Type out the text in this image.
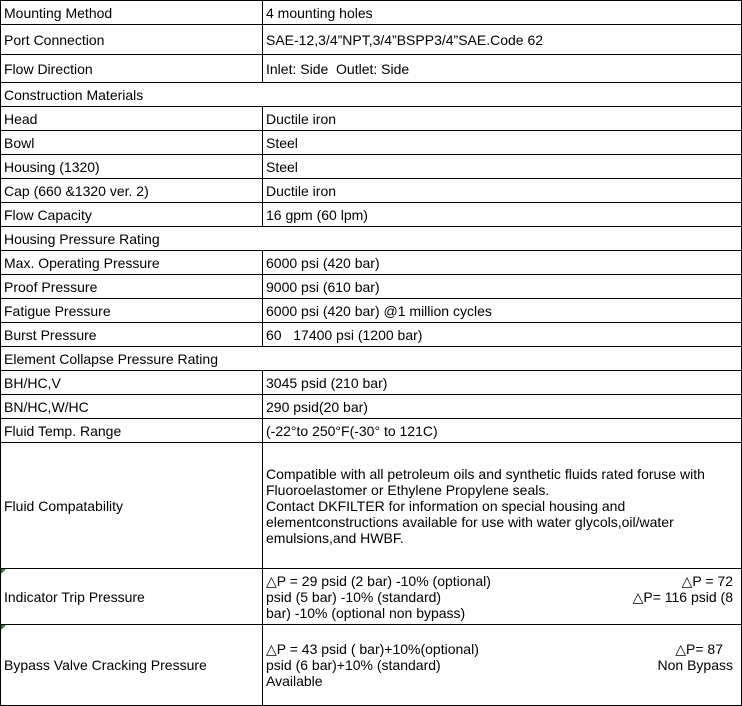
Mounting Method	4 mounting holes
Port Connection	SAE-12,3/4”NPT,3/4”BSPP3/4”SAE.Code 62
Flow Direction	Inlet: Side  Outlet: Side
Construction Materials	
Head	Ductile iron
Bowl	Steel
Housing (1320)	Steel
Cap (660 &1320 ver. 2)	Ductile iron
Flow Capacity	16 gpm (60 lpm)
Housing Pressure Rating	
Max. Operating Pressure	6000 psi (420 bar)
Proof Pressure	9000 psi (610 bar)
Fatigue Pressure	6000 psi (420 bar) @1 million cycles
Burst Pressure	60   17400 psi (1200 bar)
Element Collapse Pressure Rating	
BH/HC,V	3045 psid (210 bar)
BN/HC,W/HC	290 psid(20 bar)
Fluid Temp. Range	(-22°to 250°F(-30° to 121C)
Fluid Compatability	Compatible with all petroleum oils and synthetic fluids rated foruse with
Fluoroelastomer or Ethylene Propylene seals.
Contact DKFILTER for information on special housing and
elementconstructions available for use with water glycols,oil/water
emulsions,and HWBF.

Indicator Trip Pressure	△P = 29 psid (2 bar) -10% (optional) △P = 72
psid (5 bar) -10% (standard) △P= 116 psid (8
bar) -10% (optional non bypass)

Bypass Valve Cracking Pressure	△P = 43 psid ( bar)+10%(optional) △P= 87
psid (6 bar)+10% (standard) Non Bypass
Available
